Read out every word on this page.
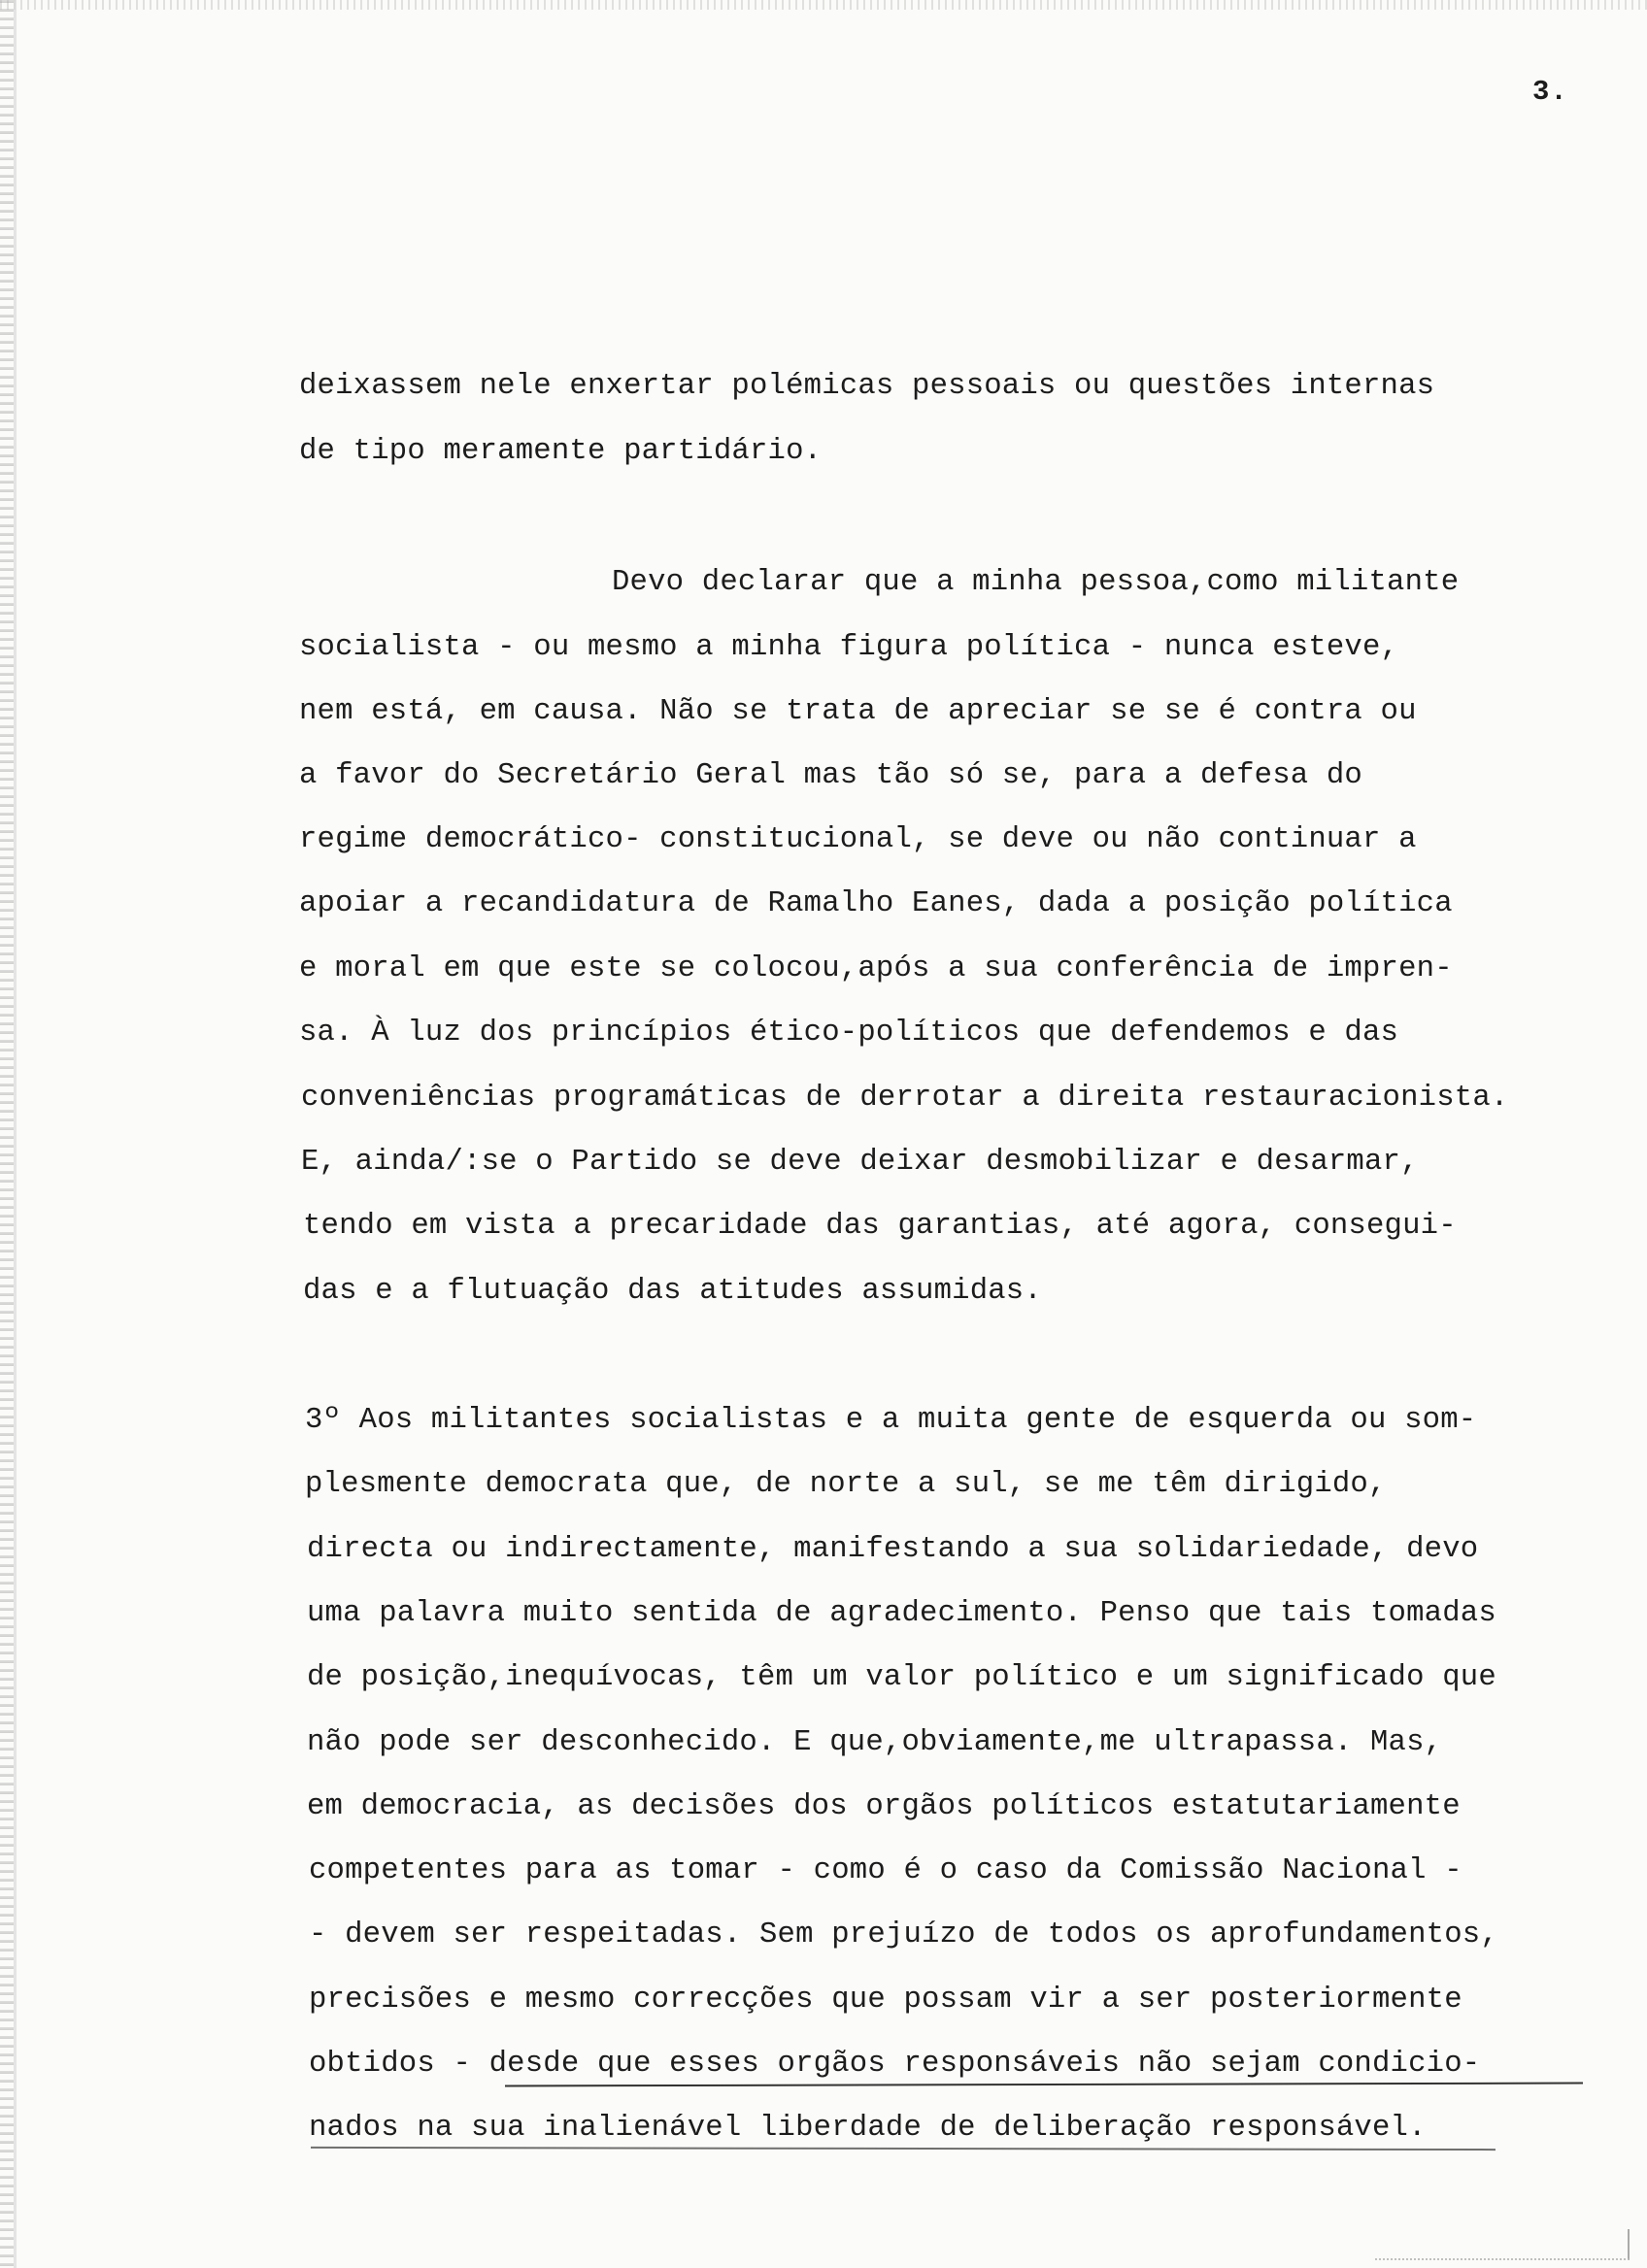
3.
deixassem nele enxertar polémicas pessoais ou questões internas
de tipo meramente partidário.
Devo declarar que a minha pessoa,como militante
socialista - ou mesmo a minha figura política - nunca esteve,
nem está, em causa. Não se trata de apreciar se se é contra ou
a favor do Secretário Geral mas tão só se, para a defesa do
regime democrático- constitucional, se deve ou não continuar a
apoiar a recandidatura de Ramalho Eanes, dada a posição política
e moral em que este se colocou,após a sua conferência de impren-
sa. À luz dos princípios ético-políticos que defendemos e das
conveniências programáticas de derrotar a direita restauracionista.
E, ainda/:se o Partido se deve deixar desmobilizar e desarmar,
tendo em vista a precaridade das garantias, até agora, consegui-
das e a flutuação das atitudes assumidas.
3º Aos militantes socialistas e a muita gente de esquerda ou som-
plesmente democrata que, de norte a sul, se me têm dirigido,
directa ou indirectamente, manifestando a sua solidariedade, devo
uma palavra muito sentida de agradecimento. Penso que tais tomadas
de posição,inequívocas, têm um valor político e um significado que
não pode ser desconhecido. E que,obviamente,me ultrapassa. Mas,
em democracia, as decisões dos orgãos políticos estatutariamente
competentes para as tomar - como é o caso da Comissão Nacional -
- devem ser respeitadas. Sem prejuízo de todos os aprofundamentos,
precisões e mesmo correcções que possam vir a ser posteriormente
obtidos - desde que esses orgãos responsáveis não sejam condicio-
nados na sua inalienável liberdade de deliberação responsável.
